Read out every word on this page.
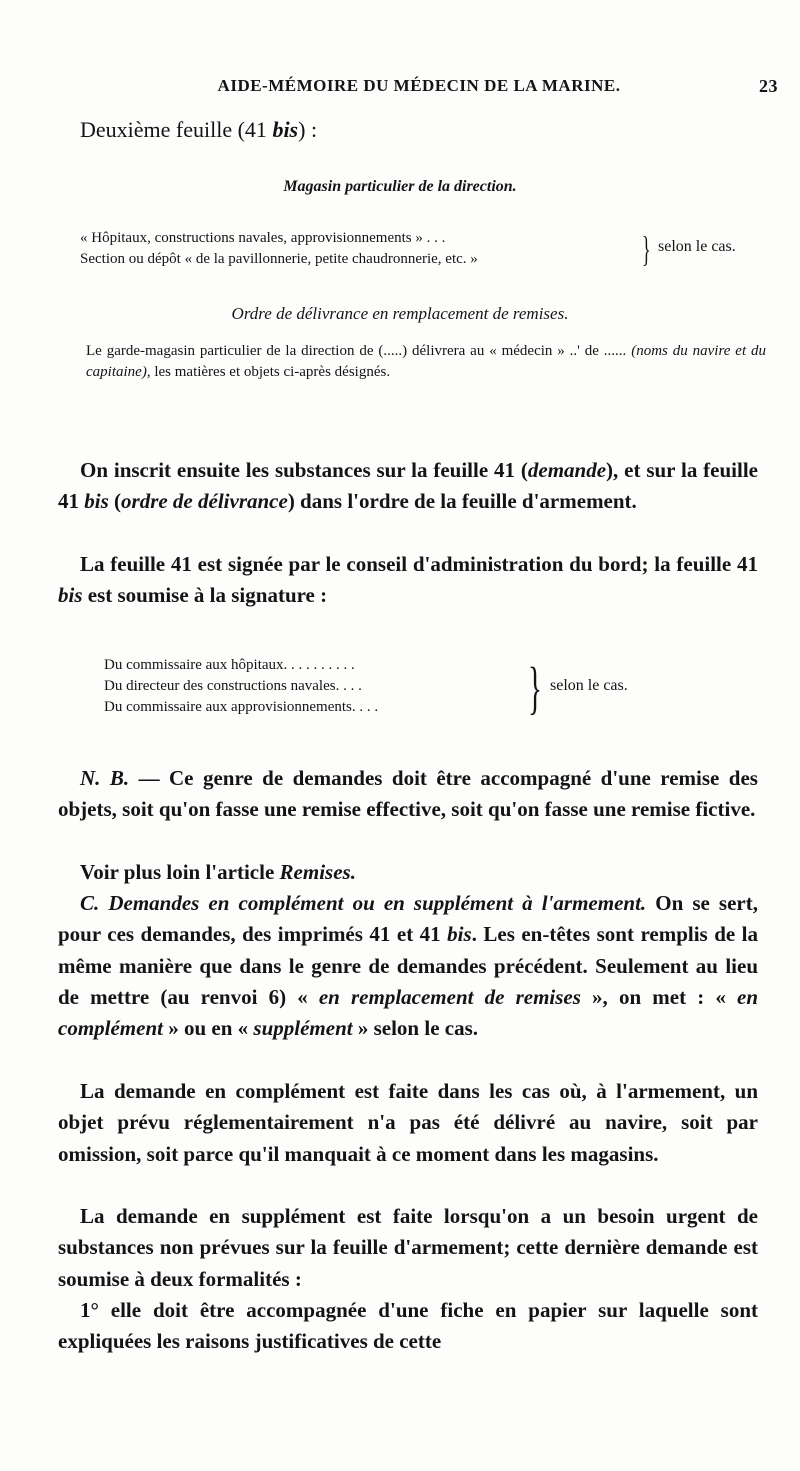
AIDE-MÉMOIRE DU MÉDECIN DE LA MARINE.	23
Deuxième feuille (41 bis) :
Magasin particulier de la direction.
« Hôpitaux, constructions navales, approvisionnements » . . .
Section ou dépôt « de la pavillonnerie, petite chaudronnerie, etc. »	} selon le cas.
Ordre de délivrance en remplacement de remises.
Le garde-magasin particulier de la direction de (.....) délivrera au « médecin » ..' de ...... (noms du navire et du capitaine), les matières et objets ci-après désignés.
On inscrit ensuite les substances sur la feuille 41 (demande), et sur la feuille 41 bis (ordre de délivrance) dans l'ordre de la feuille d'armement.
La feuille 41 est signée par le conseil d'administration du bord; la feuille 41 bis est soumise à la signature :
Du commissaire aux hôpitaux. . . . . . . . . .
Du directeur des constructions navales. . . .
Du commissaire aux approvisionnements. . . .	} selon le cas.
N. B. — Ce genre de demandes doit être accompagné d'une remise des objets, soit qu'on fasse une remise effective, soit qu'on fasse une remise fictive.
Voir plus loin l'article Remises.
C. Demandes en complément ou en supplément à l'armement. On se sert, pour ces demandes, des imprimés 41 et 41 bis. Les en-têtes sont remplis de la même manière que dans le genre de demandes précédent. Seulement au lieu de mettre (au renvoi 6) « en remplacement de remises », on met : « en complément » ou en « supplément » selon le cas.
La demande en complément est faite dans les cas où, à l'armement, un objet prévu réglementairement n'a pas été délivré au navire, soit par omission, soit parce qu'il manquait à ce moment dans les magasins.
La demande en supplément est faite lorsqu'on a un besoin urgent de substances non prévues sur la feuille d'armement; cette dernière demande est soumise à deux formalités :
1° elle doit être accompagnée d'une fiche en papier sur laquelle sont expliquées les raisons justificatives de cette
